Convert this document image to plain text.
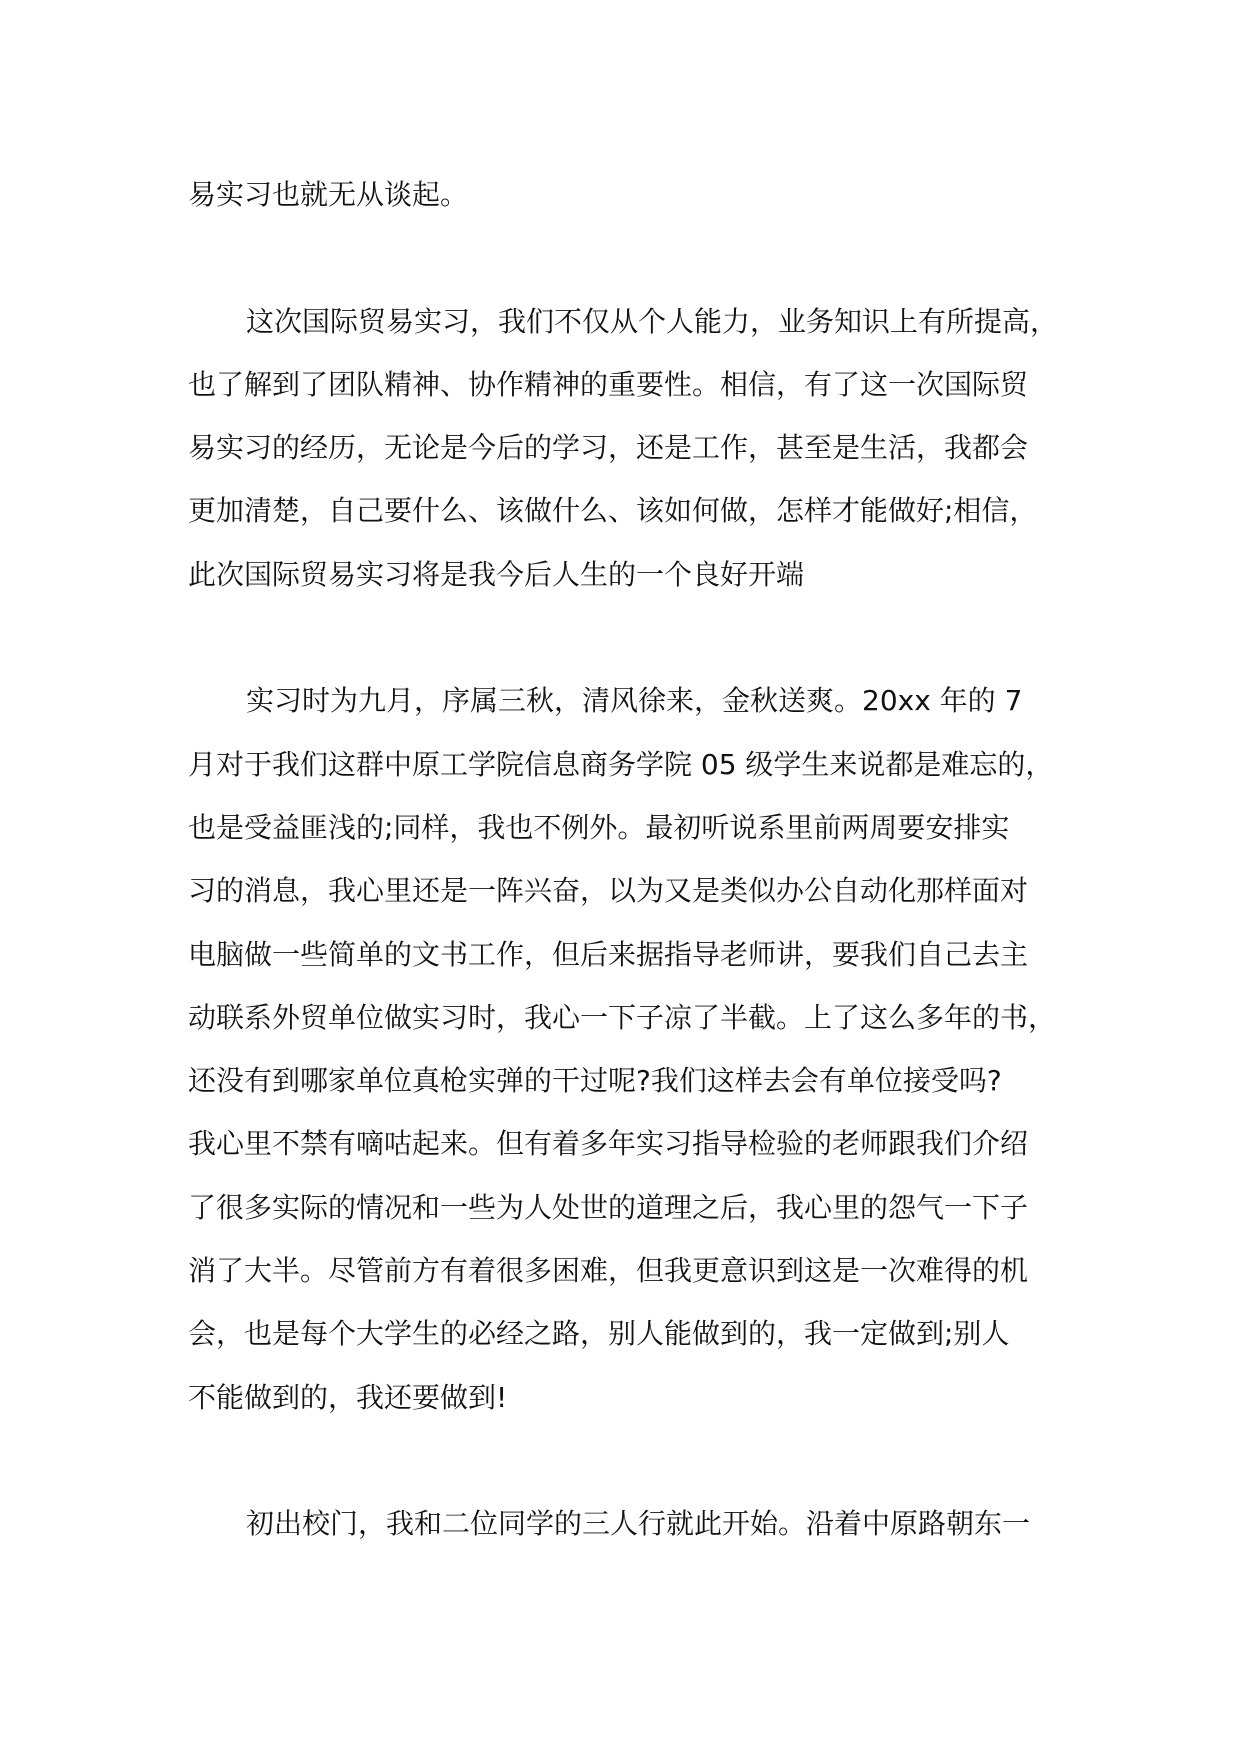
易实习也就无从谈起。
这次国际贸易实习，我们不仅从个人能力，业务知识上有所提高，
也了解到了团队精神、协作精神的重要性。相信，有了这一次国际贸
易实习的经历，无论是今后的学习，还是工作，甚至是生活，我都会
更加清楚，自己要什么、该做什么、该如何做，怎样才能做好;相信，
此次国际贸易实习将是我今后人生的一个良好开端
实习时为九月，序属三秋，清风徐来，金秋送爽。20xx 年的 7
月对于我们这群中原工学院信息商务学院 05 级学生来说都是难忘的，
也是受益匪浅的;同样，我也不例外。最初听说系里前两周要安排实
习的消息，我心里还是一阵兴奋，以为又是类似办公自动化那样面对
电脑做一些简单的文书工作，但后来据指导老师讲，要我们自己去主
动联系外贸单位做实习时，我心一下子凉了半截。上了这么多年的书，
还没有到哪家单位真枪实弹的干过呢?我们这样去会有单位接受吗?
我心里不禁有嘀咕起来。但有着多年实习指导检验的老师跟我们介绍
了很多实际的情况和一些为人处世的道理之后，我心里的怨气一下子
消了大半。尽管前方有着很多困难，但我更意识到这是一次难得的机
会，也是每个大学生的必经之路，别人能做到的，我一定做到;别人
不能做到的，我还要做到!
初出校门，我和二位同学的三人行就此开始。沿着中原路朝东一
